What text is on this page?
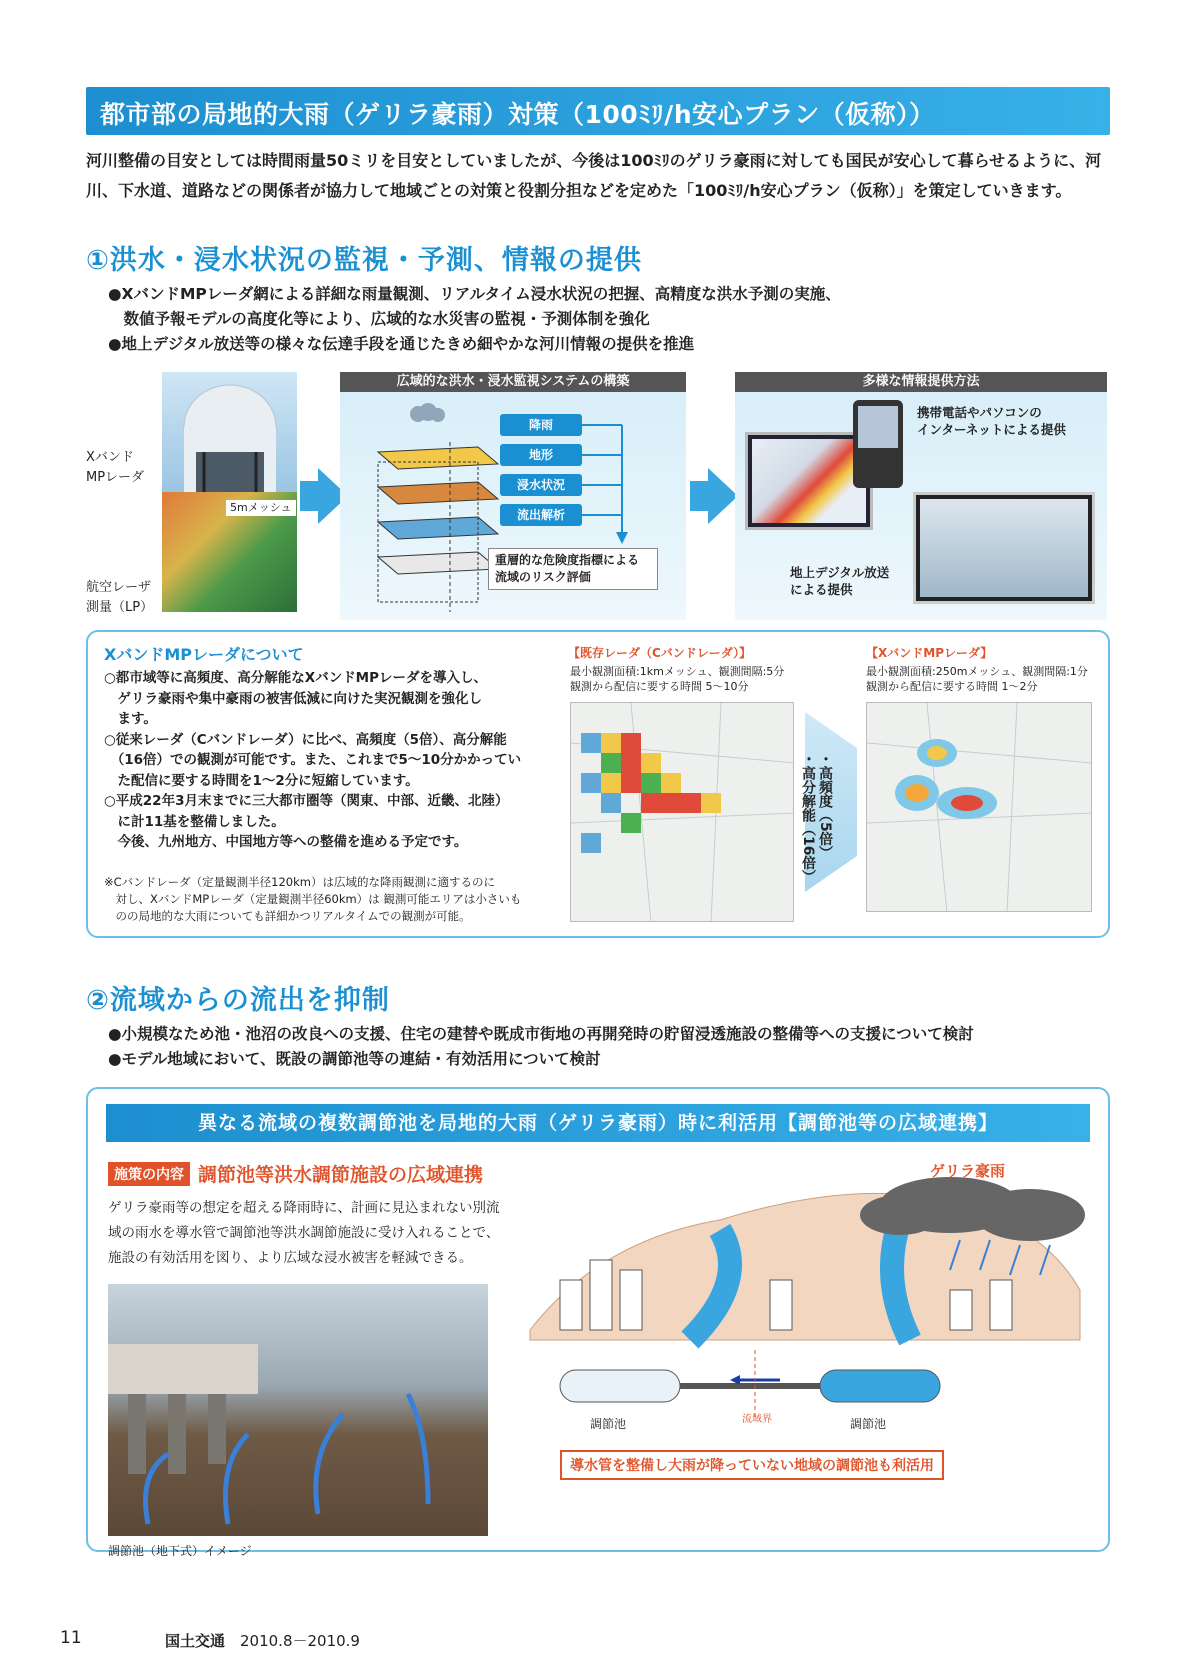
都市部の局地的大雨（ゲリラ豪雨）対策（100ﾐﾘ/h安心プラン（仮称））
河川整備の目安としては時間雨量50ミリを目安としていましたが、今後は100ﾐﾘのゲリラ豪雨に対しても国民が安心して暮らせるように、河川、下水道、道路などの関係者が協力して地域ごとの対策と役割分担などを定めた「100ﾐﾘ/h安心プラン（仮称）」を策定していきます。
①洪水・浸水状況の監視・予測、情報の提供
●XバンドMPレーダ網による詳細な雨量観測、リアルタイム浸水状況の把握、高精度な洪水予測の実施、
　数値予報モデルの高度化等により、広域的な水災害の監視・予測体制を強化
●地上デジタル放送等の様々な伝達手段を通じたきめ細やかな河川情報の提供を推進
5mメッシュ
Xバンド
MPレーダ
航空レーザ
測量（LP）
広域的な洪水・浸水監視システムの構築
降雨
地形
浸水状況
流出解析
重層的な危険度指標による
流域のリスク評価
多様な情報提供方法
携帯電話やパソコンの
インターネットによる提供
地上デジタル放送
による提供
XバンドMPレーダについて
○都市域等に高頻度、高分解能なXバンドMPレーダを導入し、
　ゲリラ豪雨や集中豪雨の被害低減に向けた実況観測を強化し
　ます。
○従来レーダ（Cバンドレーダ）に比べ、高頻度（5倍）、高分解能
　（16倍）での観測が可能です。また、これまで5～10分かかってい
　た配信に要する時間を1～2分に短縮しています。
○平成22年3月末までに三大都市圏等（関東、中部、近畿、北陸）
　に計11基を整備しました。
　今後、九州地方、中国地方等への整備を進める予定です。
※Cバンドレーダ（定量観測半径120km）は広域的な降雨観測に適するのに
　対し、XバンドMPレーダ（定量観測半径60km）は 観測可能エリアは小さいも
　のの局地的な大雨についても詳細かつリアルタイムでの観測が可能。
【既存レーダ（Cバンドレーダ）】
最小観測面積:1kmメッシュ、観測間隔:5分
観測から配信に要する時間 5～10分
・高頻度（5倍）
・高分解能（16倍）
【XバンドMPレーダ】
最小観測面積:250mメッシュ、観測間隔:1分
観測から配信に要する時間 1～2分
②流域からの流出を抑制
●小規模なため池・池沼の改良への支援、住宅の建替や既成市街地の再開発時の貯留浸透施設の整備等への支援について検討
●モデル地域において、既設の調節池等の連結・有効活用について検討
異なる流域の複数調節池を局地的大雨（ゲリラ豪雨）時に利活用【調節池等の広域連携】
施策の内容 調節池等洪水調節施設の広域連携
ゲリラ豪雨等の想定を超える降雨時に、計画に見込まれない別流
域の雨水を導水管で調節池等洪水調節施設に受け入れることで、
施設の有効活用を図り、より広域な浸水被害を軽減できる。
調節池（地下式）イメージ
ゲリラ豪雨
調節池	調節池
流域界
導水管を整備し大雨が降っていない地域の調節池も利活用
11	国土交通 2010.8－2010.9
